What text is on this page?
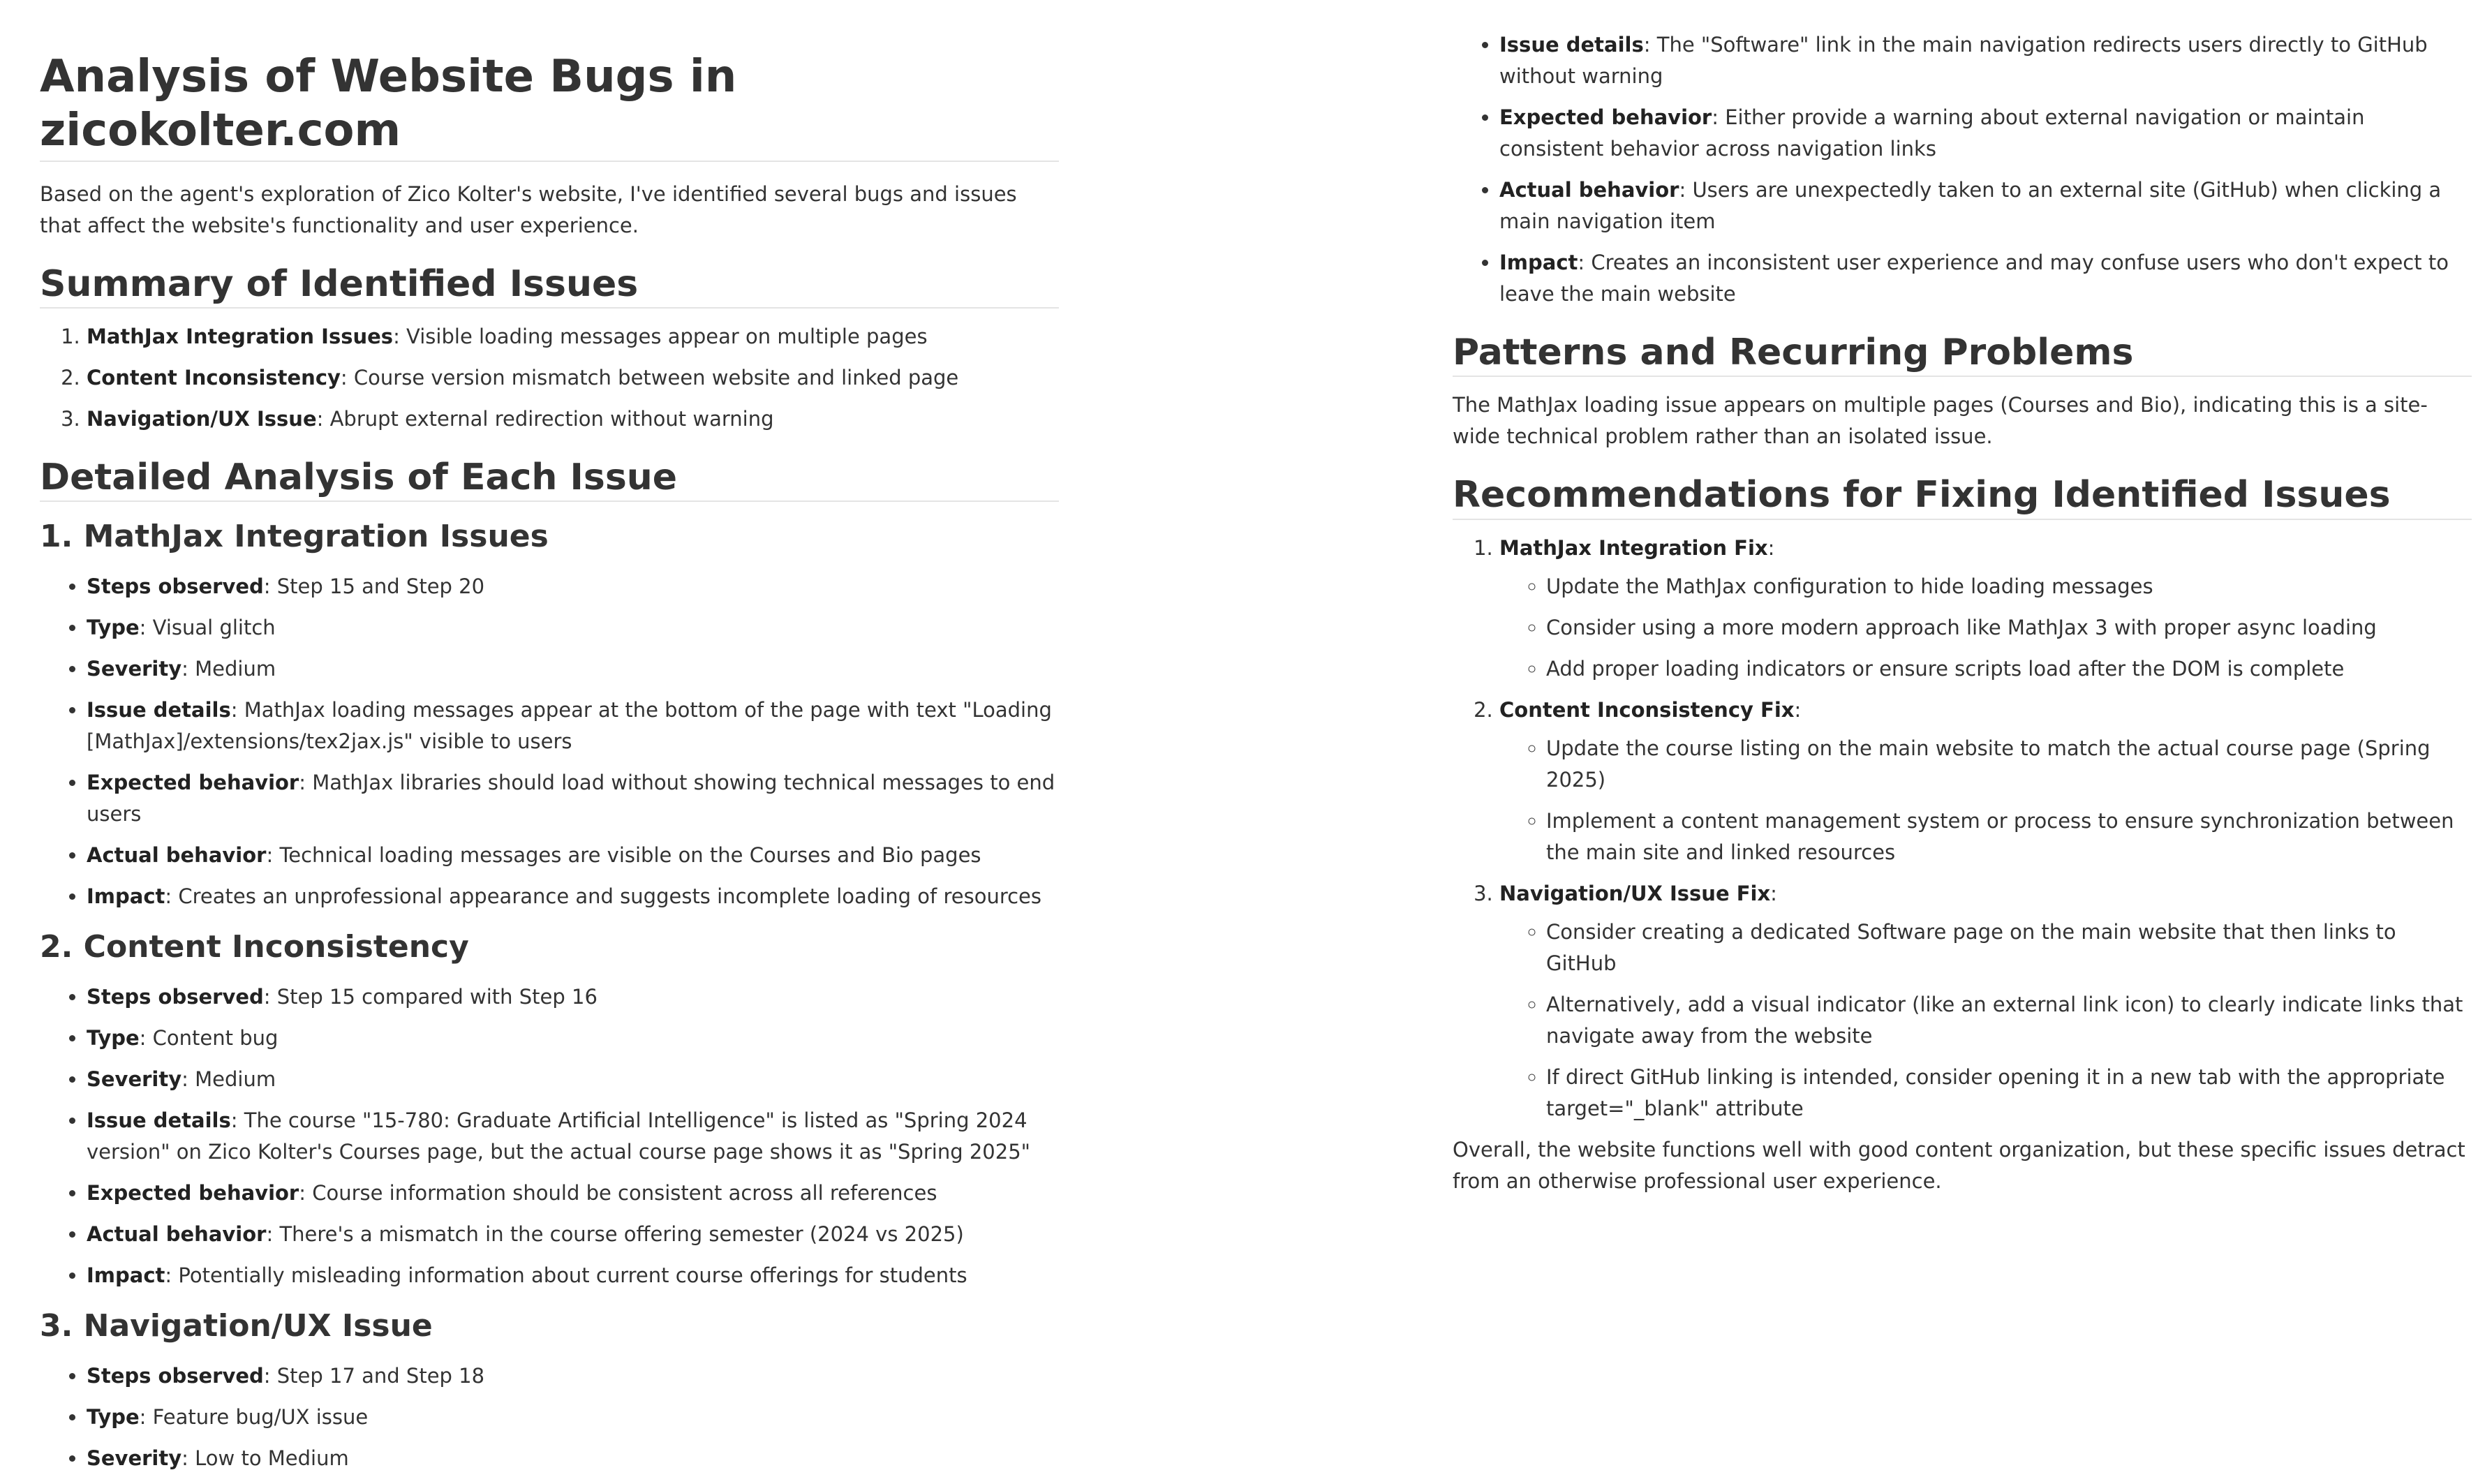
Analysis of Website Bugs in zicokolter.com

Based on the agent's exploration of Zico Kolter's website, I've identified several bugs and issues that affect the website's functionality and user experience.

Summary of Identified Issues
1. MathJax Integration Issues: Visible loading messages appear on multiple pages
2. Content Inconsistency: Course version mismatch between website and linked page
3. Navigation/UX Issue: Abrupt external redirection without warning
Detailed Analysis of Each Issue
1. MathJax Integration Issues
• Steps observed: Step 15 and Step 20
• Type: Visual glitch
• Severity: Medium
• Issue details: MathJax loading messages appear at the bottom of the page with text "Loading [MathJax]/extensions/tex2jax.js" visible to users
• Expected behavior: MathJax libraries should load without showing technical messages to end users
• Actual behavior: Technical loading messages are visible on the Courses and Bio pages
• Impact: Creates an unprofessional appearance and suggests incomplete loading of resources
2. Content Inconsistency
• Steps observed: Step 15 compared with Step 16
• Type: Content bug
• Severity: Medium
• Issue details: The course "15-780: Graduate Artificial Intelligence" is listed as "Spring 2024 version" on Zico Kolter's Courses page, but the actual course page shows it as "Spring 2025"
• Expected behavior: Course information should be consistent across all references
• Actual behavior: There's a mismatch in the course offering semester (2024 vs 2025)
• Impact: Potentially misleading information about current course offerings for students
3. Navigation/UX Issue
• Steps observed: Step 17 and Step 18
• Type: Feature bug/UX issue
• Severity: Low to Medium
• Issue details: The "Software" link in the main navigation redirects users directly to GitHub without warning
• Expected behavior: Either provide a warning about external navigation or maintain consistent behavior across navigation links
• Actual behavior: Users are unexpectedly taken to an external site (GitHub) when clicking a main navigation item
• Impact: Creates an inconsistent user experience and may confuse users who don't expect to leave the main website
Patterns and Recurring Problems

The MathJax loading issue appears on multiple pages (Courses and Bio), indicating this is a site-wide technical problem rather than an isolated issue.

Recommendations for Fixing Identified Issues
1. MathJax Integration Fix:
◦ Update the MathJax configuration to hide loading messages
◦ Consider using a more modern approach like MathJax 3 with proper async loading
◦ Add proper loading indicators or ensure scripts load after the DOM is complete
2. Content Inconsistency Fix:
◦ Update the course listing on the main website to match the actual course page (Spring 2025)
◦ Implement a content management system or process to ensure synchronization between the main site and linked resources
3. Navigation/UX Issue Fix:
◦ Consider creating a dedicated Software page on the main website that then links to GitHub
◦ Alternatively, add a visual indicator (like an external link icon) to clearly indicate links that navigate away from the website
◦ If direct GitHub linking is intended, consider opening it in a new tab with the appropriate target="_blank" attribute

Overall, the website functions well with good content organization, but these specific issues detract from an otherwise professional user experience.
